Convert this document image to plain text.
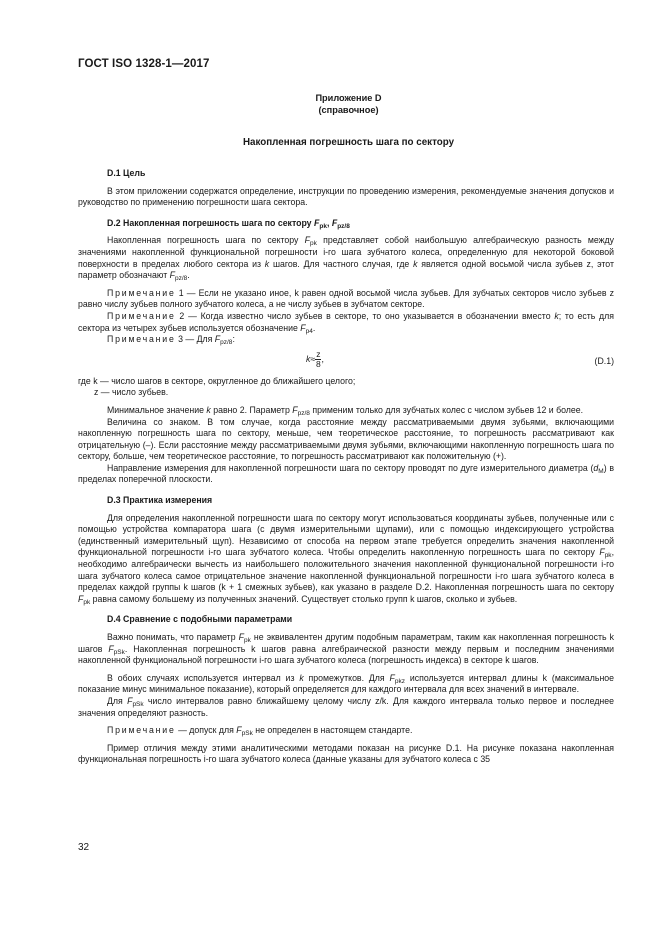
ГОСТ ISO 1328-1—2017
Приложение D
(справочное)
Накопленная погрешность шага по сектору

D.1 Цель

В этом приложении содержатся определение, инструкции по проведению измерения, рекомендуемые значения допусков и руководство по применению погрешности шага сектора.

D.2 Накопленная погрешность шага по сектору $F_{pk}$, $F_{pz/8}$

Накопленная погрешность шага по сектору $F_{pk}$ представляет собой наибольшую алгебраическую разность между значениями накопленной функциональной погрешности i-го шага зубчатого колеса, определенную для некоторой боковой поверхности в пределах любого сектора из k шагов. Для частного случая, где k является одной восьмой числа зубьев z, этот параметр обозначают $F_{pz/8}$.

Примечание 1 — Если не указано иное, k равен одной восьмой числа зубьев. Для зубчатых секторов число зубьев z равно числу зубьев полного зубчатого колеса, а не числу зубьев в зубчатом секторе.

Примечание 2 — Когда известно число зубьев в секторе, то оно указывается в обозначении вместо k; то есть для сектора из четырех зубьев используется обозначение $F_{p4}$.

Примечание 3 — Для $F_{pz/8}$:

$k\approx \frac{z}{8}$ ,	(D.1)

где k — число шагов в секторе, округленное до ближайшего целого;

z — число зубьев.

Минимальное значение k равно 2. Параметр $F_{pz/8}$ применим только для зубчатых колес с числом зубьев 12 и более.

Величина со знаком. В том случае, когда расстояние между рассматриваемыми двумя зубьями, включающими накопленную погрешность шага по сектору, меньше, чем теоретическое расстояние, то погрешность рассматривают как отрицательную (–). Если расстояние между рассматриваемыми двумя зубьями, включающими накопленную погрешность шага по сектору, больше, чем теоретическое расстояние, то погрешность рассматривают как положительную (+).

Направление измерения для накопленной погрешности шага по сектору проводят по дуге измерительного диаметра $(d_M)$ в пределах поперечной плоскости.

D.3 Практика измерения

Для определения накопленной погрешности шага по сектору могут использоваться координаты зубьев, полученные или с помощью устройства компаратора шага (с двумя измерительными щупами), или с помощью индексирующего устройства (единственный измерительный щуп). Независимо от способа на первом этапе требуется определить значения накопленной функциональной погрешности i-го шага зубчатого колеса. Чтобы определить накопленную погрешность шага по сектору $F_{pk}$, необходимо алгебраически вычесть из наибольшего положительного значения накопленной функциональной погрешности i-го шага зубчатого колеса самое отрицательное значение накопленной функциональной погрешности i-го шага зубчатого колеса в пределах каждой группы k шагов (k + 1 смежных зубьев), как указано в разделе D.2. Накопленная погрешность шага по сектору $F_{pk}$ равна самому большему из полученных значений. Существует столько групп k шагов, сколько и зубьев.

D.4 Сравнение с подобными параметрами

Важно понимать, что параметр $F_{pk}$ не эквивалентен другим подобным параметрам, таким как накопленная погрешность k шагов $F_{pSk}$. Накопленная погрешность k шагов равна алгебраической разности между первым и последним значениями накопленной функциональной погрешности i-го шага зубчатого колеса (погрешность индекса) в секторе k шагов.

В обоих случаях используется интервал из k промежутков. Для $F_{pkz}$ используется интервал длины k (максимальное показание минус минимальное показание), который определяется для каждого интервала для всех значений в интервале.

Для $F_{pSk}$ число интервалов равно ближайшему целому числу z/k. Для каждого интервала только первое и последнее значения определяют разность.

Примечание — допуск для $F_{pSk}$ не определен в настоящем стандарте.

Пример отличия между этими аналитическими методами показан на рисунке D.1. На рисунке показана накопленная функциональная погрешность i-го шага зубчатого колеса (данные указаны для зубчатого колеса с 35

32
